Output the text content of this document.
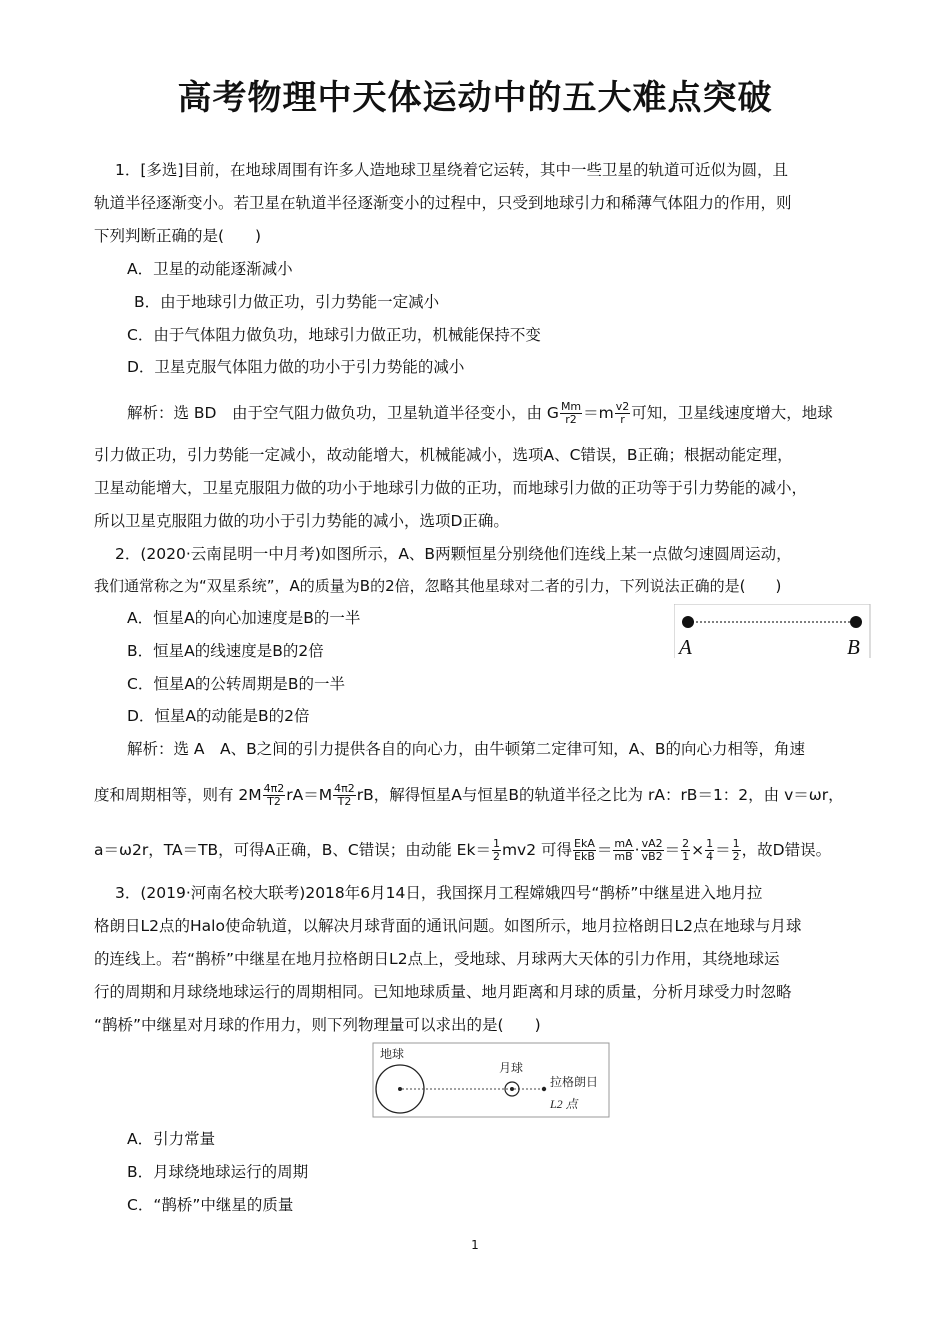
高考物理中天体运动中的五大难点突破
1．[多选]目前，在地球周围有许多人造地球卫星绕着它运转，其中一些卫星的轨道可近似为圆，且
轨道半径逐渐变小。若卫星在轨道半径逐渐变小的过程中，只受到地球引力和稀薄气体阻力的作用，则
下列判断正确的是(　　)
A．卫星的动能逐渐减小
B．由于地球引力做正功，引力势能一定减小
C．由于气体阻力做负功，地球引力做正功，机械能保持不变
D．卫星克服气体阻力做的功小于引力势能的减小
解析：选 BD　由于空气阻力做负功，卫星轨道半径变小，由 G $\frac{Mm}{r2} =m \frac{v2}{r}$ 可知，卫星线速度增大，地球
引力做正功，引力势能一定减小，故动能增大，机械能减小，选项A、C错误，B正确；根据动能定理，
卫星动能增大，卫星克服阻力做的功小于地球引力做的正功，而地球引力做的正功等于引力势能的减小，
所以卫星克服阻力做的功小于引力势能的减小，选项D正确。
2．(2020·云南昆明一中月考)如图所示，A、B两颗恒星分别绕他们连线上某一点做匀速圆周运动，
我们通常称之为“双星系统”，A的质量为B的2倍，忽略其他星球对二者的引力，下列说法正确的是(　　)
A．恒星A的向心加速度是B的一半
B．恒星A的线速度是B的2倍
C．恒星A的公转周期是B的一半
D．恒星A的动能是B的2倍
A	B
解析：选 A　A、B之间的引力提供各自的向心力，由牛顿第二定律可知，A、B的向心力相等，角速
度和周期相等，则有 $2M \frac{4\pi 2}{T2} rA=M \frac{4\pi 2}{T2}$ rB，解得恒星A与恒星B的轨道半径之比为 rA：rB＝1：2，由 v＝ωr，
a＝ω2r，TA＝TB，可得A正确，B、C错误；由动能 $Ek= \frac{1}{2} mv2$ 可得 $\frac{\text{EkA}}{\text{EkB}} = \frac{mA}{mB} \cdot \frac{vA2}{vB2} = \frac{2}{1} \times \frac{1}{4} = \frac{1}{2}$ ，故D错误。
3．(2019·河南名校大联考)2018年6月14日，我国探月工程嫦娥四号“鹊桥”中继星进入地月拉
格朗日L2点的Halo使命轨道，以解决月球背面的通讯问题。如图所示，地月拉格朗日L2点在地球与月球
的连线上。若“鹊桥”中继星在地月拉格朗日L2点上，受地球、月球两大天体的引力作用，其绕地球运
行的周期和月球绕地球运行的周期相同。已知地球质量、地月距离和月球的质量，分析月球受力时忽略
“鹊桥”中继星对月球的作用力，则下列物理量可以求出的是(　　)
地球
月球
拉格朗日
L2 点
A．引力常量
B．月球绕地球运行的周期
C．“鹊桥”中继星的质量
1
